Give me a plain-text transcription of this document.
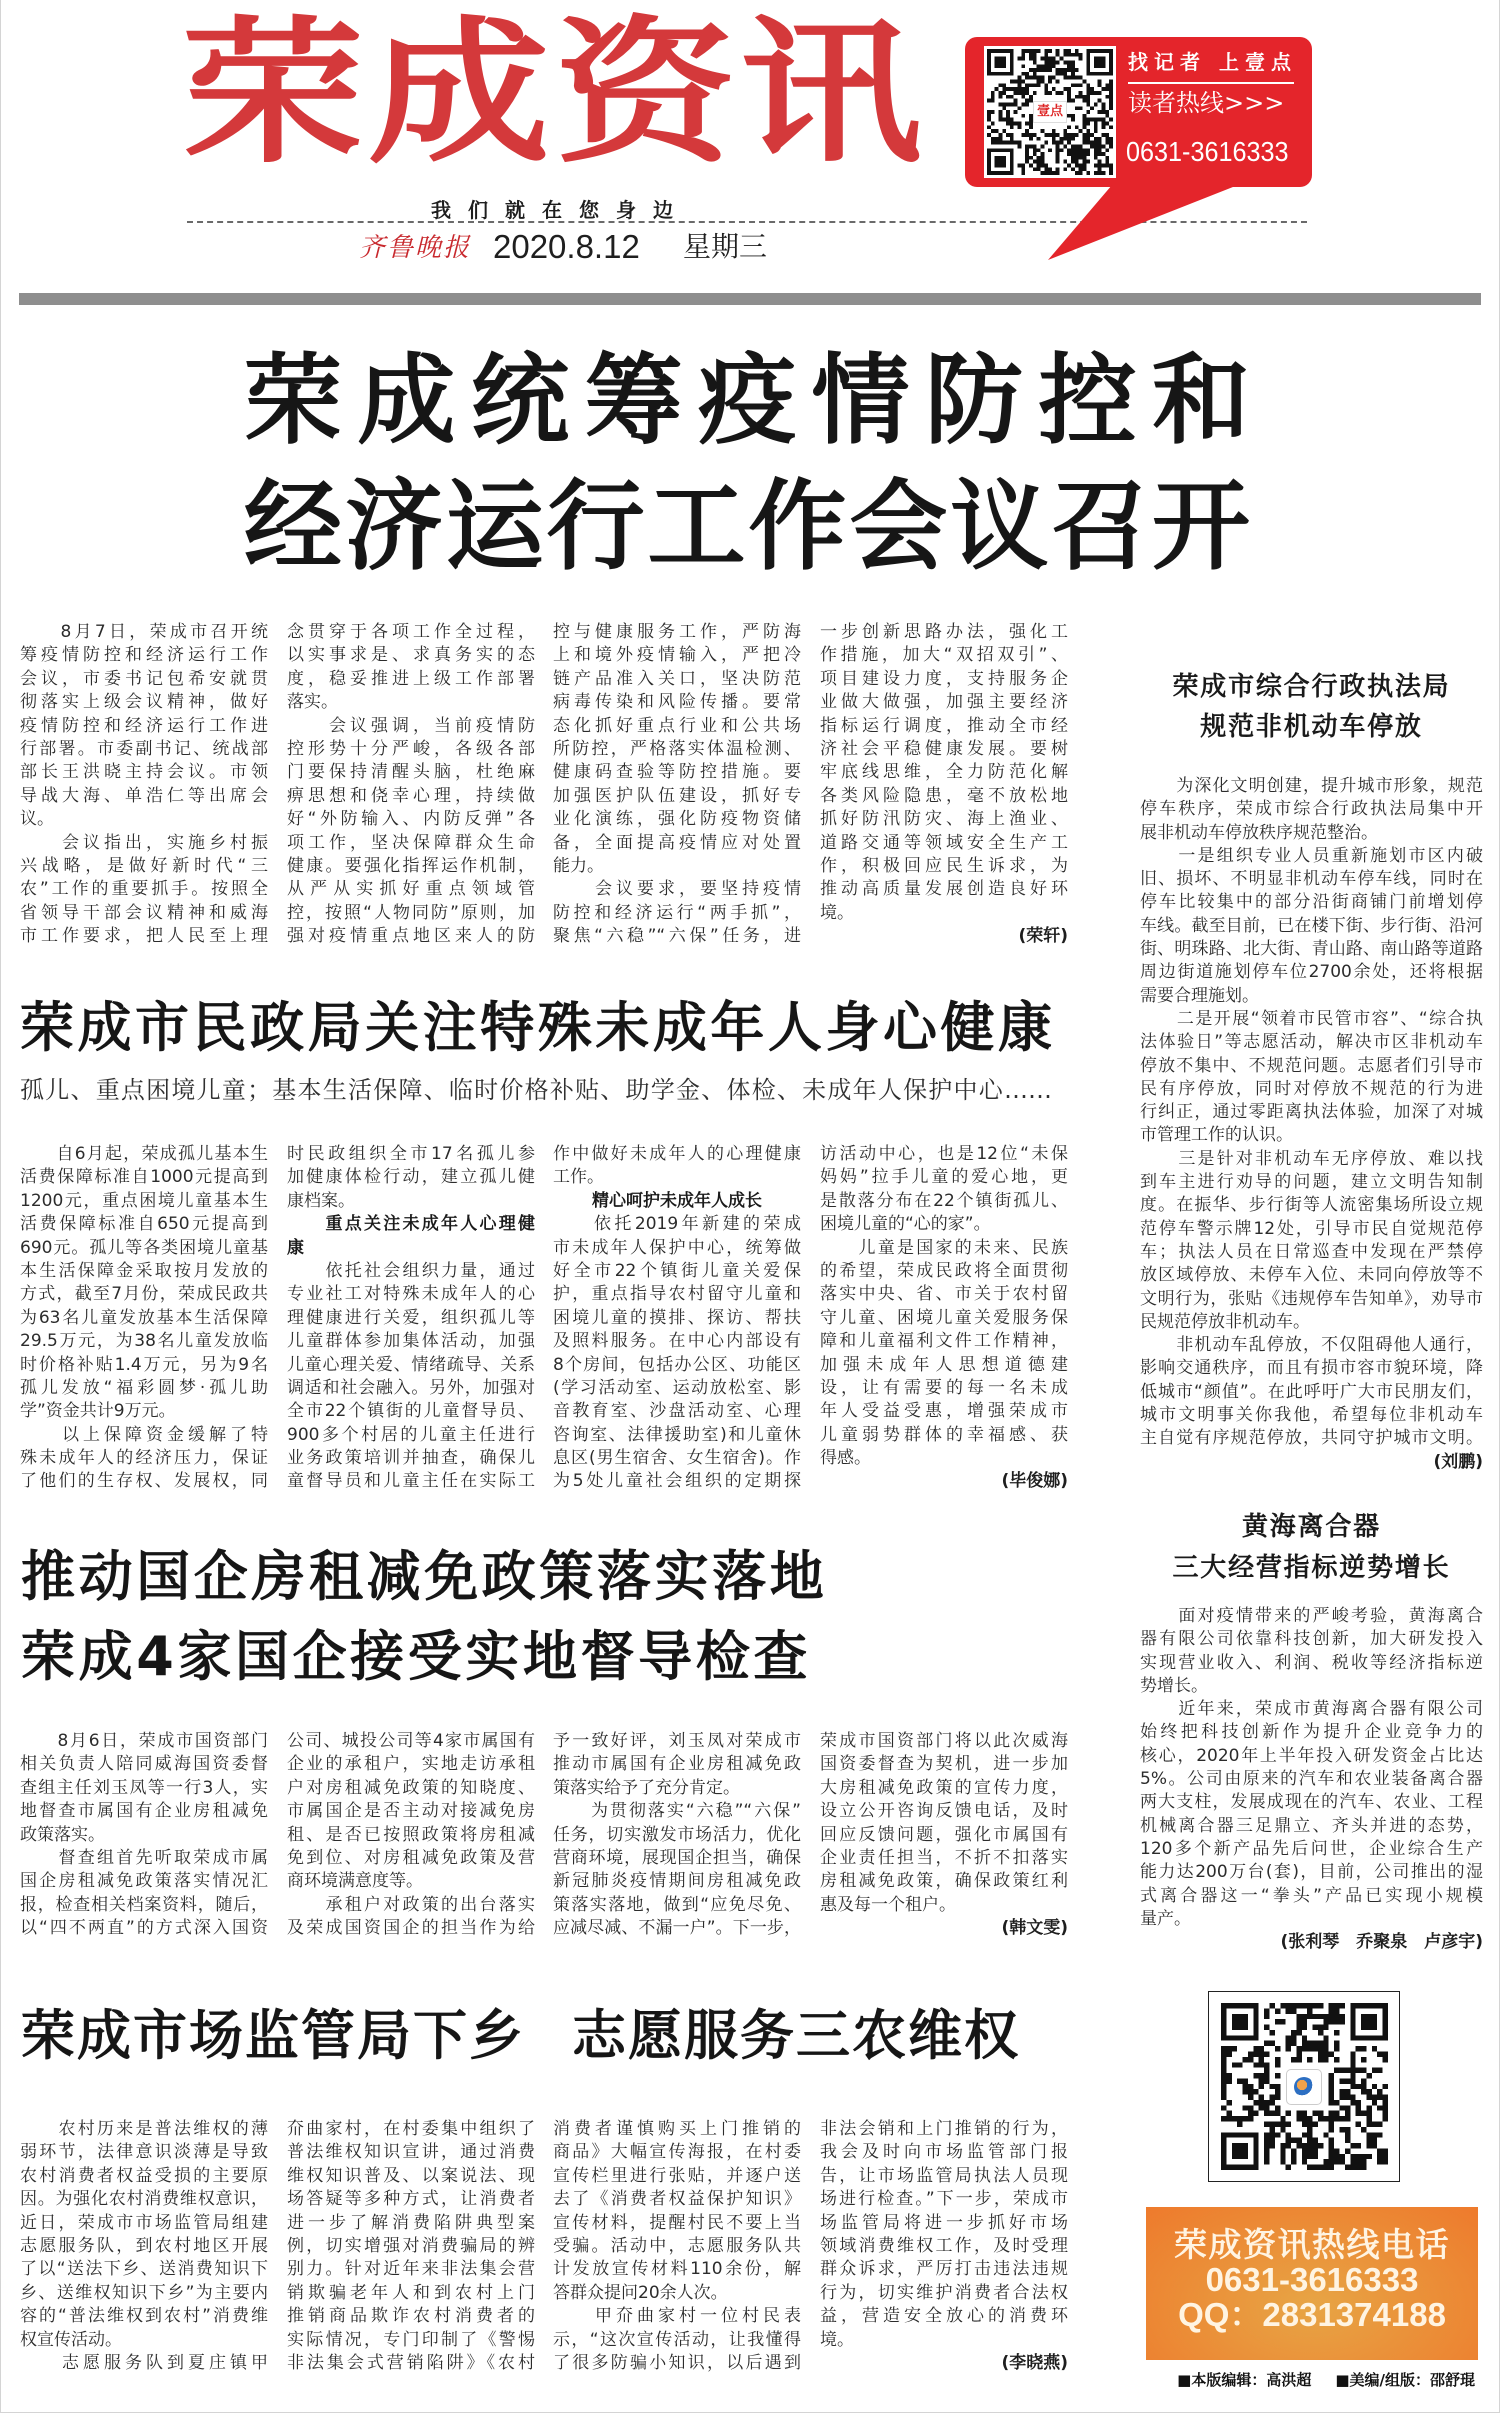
荣成资讯
我们就在您身边
齐鲁晚报 2020.8.12 星期三
壹点
找记者 上壹点
读者热线>>>
0631-3616333
荣成统筹疫情防控和
经济运行工作会议召开
　　8月7日，荣成市召开统
筹疫情防控和经济运行工作
会议，市委书记包希安就贯
彻落实上级会议精神，做好
疫情防控和经济运行工作进
行部署。市委副书记、统战部
部长王洪晓主持会议。市领
导战大海、单浩仁等出席会
议。
　　会议指出，实施乡村振
兴战略，是做好新时代“三
农”工作的重要抓手。按照全
省领导干部会议精神和威海
市工作要求，把人民至上理
念贯穿于各项工作全过程，
以实事求是、求真务实的态
度，稳妥推进上级工作部署
落实。
　　会议强调，当前疫情防
控形势十分严峻，各级各部
门要保持清醒头脑，杜绝麻
痹思想和侥幸心理，持续做
好“外防输入、内防反弹”各
项工作，坚决保障群众生命
健康。要强化指挥运作机制，
从严从实抓好重点领域管
控，按照“人物同防”原则，加
强对疫情重点地区来人的防
控与健康服务工作，严防海
上和境外疫情输入，严把冷
链产品准入关口，坚决防范
病毒传染和风险传播。要常
态化抓好重点行业和公共场
所防控，严格落实体温检测、
健康码查验等防控措施。要
加强医护队伍建设，抓好专
业化演练，强化防疫物资储
备，全面提高疫情应对处置
能力。
　　会议要求，要坚持疫情
防控和经济运行“两手抓”，
聚焦“六稳”“六保”任务，进
一步创新思路办法，强化工
作措施，加大“双招双引”、
项目建设力度，支持服务企
业做大做强，加强主要经济
指标运行调度，推动全市经
济社会平稳健康发展。要树
牢底线思维，全力防范化解
各类风险隐患，毫不放松地
抓好防汛防灾、海上渔业、
道路交通等领域安全生产工
作，积极回应民生诉求，为
推动高质量发展创造良好环
境。
(荣轩)
荣成市民政局关注特殊未成年人身心健康
孤儿、重点困境儿童；基本生活保障、临时价格补贴、助学金、体检、未成年人保护中心……
　　自6月起，荣成孤儿基本生
活费保障标准自1000元提高到
1200元，重点困境儿童基本生
活费保障标准自650元提高到
690元。孤儿等各类困境儿童基
本生活保障金采取按月发放的
方式，截至7月份，荣成民政共
为63名儿童发放基本生活保障
29.5万元，为38名儿童发放临
时价格补贴1.4万元，另为9名
孤儿发放“福彩圆梦·孤儿助
学”资金共计9万元。
　　以上保障资金缓解了特
殊未成年人的经济压力，保证
了他们的生存权、发展权，同
时民政组织全市17名孤儿参
加健康体检行动，建立孤儿健
康档案。
　　重点关注未成年人心理健
康
　　依托社会组织力量，通过
专业社工对特殊未成年人的心
理健康进行关爱，组织孤儿等
儿童群体参加集体活动，加强
儿童心理关爱、情绪疏导、关系
调适和社会融入。另外，加强对
全市22个镇街的儿童督导员、
900多个村居的儿童主任进行
业务政策培训并抽查，确保儿
童督导员和儿童主任在实际工
作中做好未成年人的心理健康
工作。
精心呵护未成年人成长
　　依托2019年新建的荣成
市未成年人保护中心，统筹做
好全市22个镇街儿童关爱保
护，重点指导农村留守儿童和
困境儿童的摸排、探访、帮扶
及照料服务。在中心内部设有
8个房间，包括办公区、功能区
(学习活动室、运动放松室、影
音教育室、沙盘活动室、心理
咨询室、法律援助室)和儿童休
息区(男生宿舍、女生宿舍)。作
为5处儿童社会组织的定期探
访活动中心，也是12位“未保
妈妈”拉手儿童的爱心地，更
是散落分布在22个镇街孤儿、
困境儿童的“心的家”。
　　儿童是国家的未来、民族
的希望，荣成民政将全面贯彻
落实中央、省、市关于农村留
守儿童、困境儿童关爱服务保
障和儿童福利文件工作精神，
加强未成年人思想道德建
设，让有需要的每一名未成
年人受益受惠，增强荣成市
儿童弱势群体的幸福感、获
得感。
(毕俊娜)
推动国企房租减免政策落实落地
荣成4家国企接受实地督导检查
　　8月6日，荣成市国资部门
相关负责人陪同威海国资委督
查组主任刘玉凤等一行3人，实
地督查市属国有企业房租减免
政策落实。
　　督查组首先听取荣成市属
国企房租减免政策落实情况汇
报，检查相关档案资料，随后，
以“四不两直”的方式深入国资
公司、城投公司等4家市属国有
企业的承租户，实地走访承租
户对房租减免政策的知晓度、
市属国企是否主动对接减免房
租、是否已按照政策将房租减
免到位、对房租减免政策及营
商环境满意度等。
　　承租户对政策的出台落实
及荣成国资国企的担当作为给
予一致好评，刘玉凤对荣成市
推动市属国有企业房租减免政
策落实给予了充分肯定。
　　为贯彻落实“六稳”“六保”
任务，切实激发市场活力，优化
营商环境，展现国企担当，确保
新冠肺炎疫情期间房租减免政
策落实落地，做到“应免尽免、
应减尽减、不漏一户”。下一步，
荣成市国资部门将以此次威海
国资委督查为契机，进一步加
大房租减免政策的宣传力度，
设立公开咨询反馈电话，及时
回应反馈问题，强化市属国有
企业责任担当，不折不扣落实
房租减免政策，确保政策红利
惠及每一个租户。
(韩文雯)
荣成市场监管局下乡 志愿服务三农维权
　　农村历来是普法维权的薄
弱环节，法律意识淡薄是导致
农村消费者权益受损的主要原
因。为强化农村消费维权意识，
近日，荣成市市场监管局组建
志愿服务队，到农村地区开展
了以“送法下乡、送消费知识下
乡、送维权知识下乡”为主要内
容的“普法维权到农村”消费维
权宣传活动。
　　志愿服务队到夏庄镇甲
夼曲家村，在村委集中组织了
普法维权知识宣讲，通过消费
维权知识普及、以案说法、现
场答疑等多种方式，让消费者
进一步了解消费陷阱典型案
例，切实增强对消费骗局的辨
别力。针对近年来非法集会营
销欺骗老年人和到农村上门
推销商品欺诈农村消费者的
实际情况，专门印制了《警惕
非法集会式营销陷阱》《农村
消费者谨慎购买上门推销的
商品》大幅宣传海报，在村委
宣传栏里进行张贴，并逐户送
去了《消费者权益保护知识》
宣传材料，提醒村民不要上当
受骗。活动中，志愿服务队共
计发放宣传材料110余份，解
答群众提问20余人次。
　　甲夼曲家村一位村民表
示，“这次宣传活动，让我懂得
了很多防骗小知识，以后遇到
非法会销和上门推销的行为，
我会及时向市场监管部门报
告，让市场监管局执法人员现
场进行检查。”下一步，荣成市
场监管局将进一步抓好市场
领域消费维权工作，及时受理
群众诉求，严厉打击违法违规
行为，切实维护消费者合法权
益，营造安全放心的消费环
境。
(李晓燕)
荣成市综合行政执法局
规范非机动车停放
　　为深化文明创建，提升城市形象，规范
停车秩序，荣成市综合行政执法局集中开
展非机动车停放秩序规范整治。
　　一是组织专业人员重新施划市区内破
旧、损坏、不明显非机动车停车线，同时在
停车比较集中的部分沿街商铺门前增划停
车线。截至目前，已在楼下街、步行街、沿河
街、明珠路、北大街、青山路、南山路等道路
周边街道施划停车位2700余处，还将根据
需要合理施划。
　　二是开展“领着市民管市容”、“综合执
法体验日”等志愿活动，解决市区非机动车
停放不集中、不规范问题。志愿者们引导市
民有序停放，同时对停放不规范的行为进
行纠正，通过零距离执法体验，加深了对城
市管理工作的认识。
　　三是针对非机动车无序停放、难以找
到车主进行劝导的问题，建立文明告知制
度。在振华、步行街等人流密集场所设立规
范停车警示牌12处，引导市民自觉规范停
车；执法人员在日常巡查中发现在严禁停
放区域停放、未停车入位、未同向停放等不
文明行为，张贴《违规停车告知单》，劝导市
民规范停放非机动车。
　　非机动车乱停放，不仅阻碍他人通行，
影响交通秩序，而且有损市容市貌环境，降
低城市“颜值”。在此呼吁广大市民朋友们，
城市文明事关你我他，希望每位非机动车
主自觉有序规范停放，共同守护城市文明。
(刘鹏)
黄海离合器
三大经营指标逆势增长
　　面对疫情带来的严峻考验，黄海离合
器有限公司依靠科技创新，加大研发投入
实现营业收入、利润、税收等经济指标逆
势增长。
　　近年来，荣成市黄海离合器有限公司
始终把科技创新作为提升企业竞争力的
核心，2020年上半年投入研发资金占比达
5%。公司由原来的汽车和农业装备离合器
两大支柱，发展成现在的汽车、农业、工程
机械离合器三足鼎立、齐头并进的态势，
120多个新产品先后问世，企业综合生产
能力达200万台(套)，目前，公司推出的湿
式离合器这一“拳头”产品已实现小规模
量产。
(张利琴　乔聚泉　卢彦宇)
荣成资讯热线电话
0631-3616333
QQ：2831374188
■本版编辑：高洪超 ■美编/组版：邵舒琨
